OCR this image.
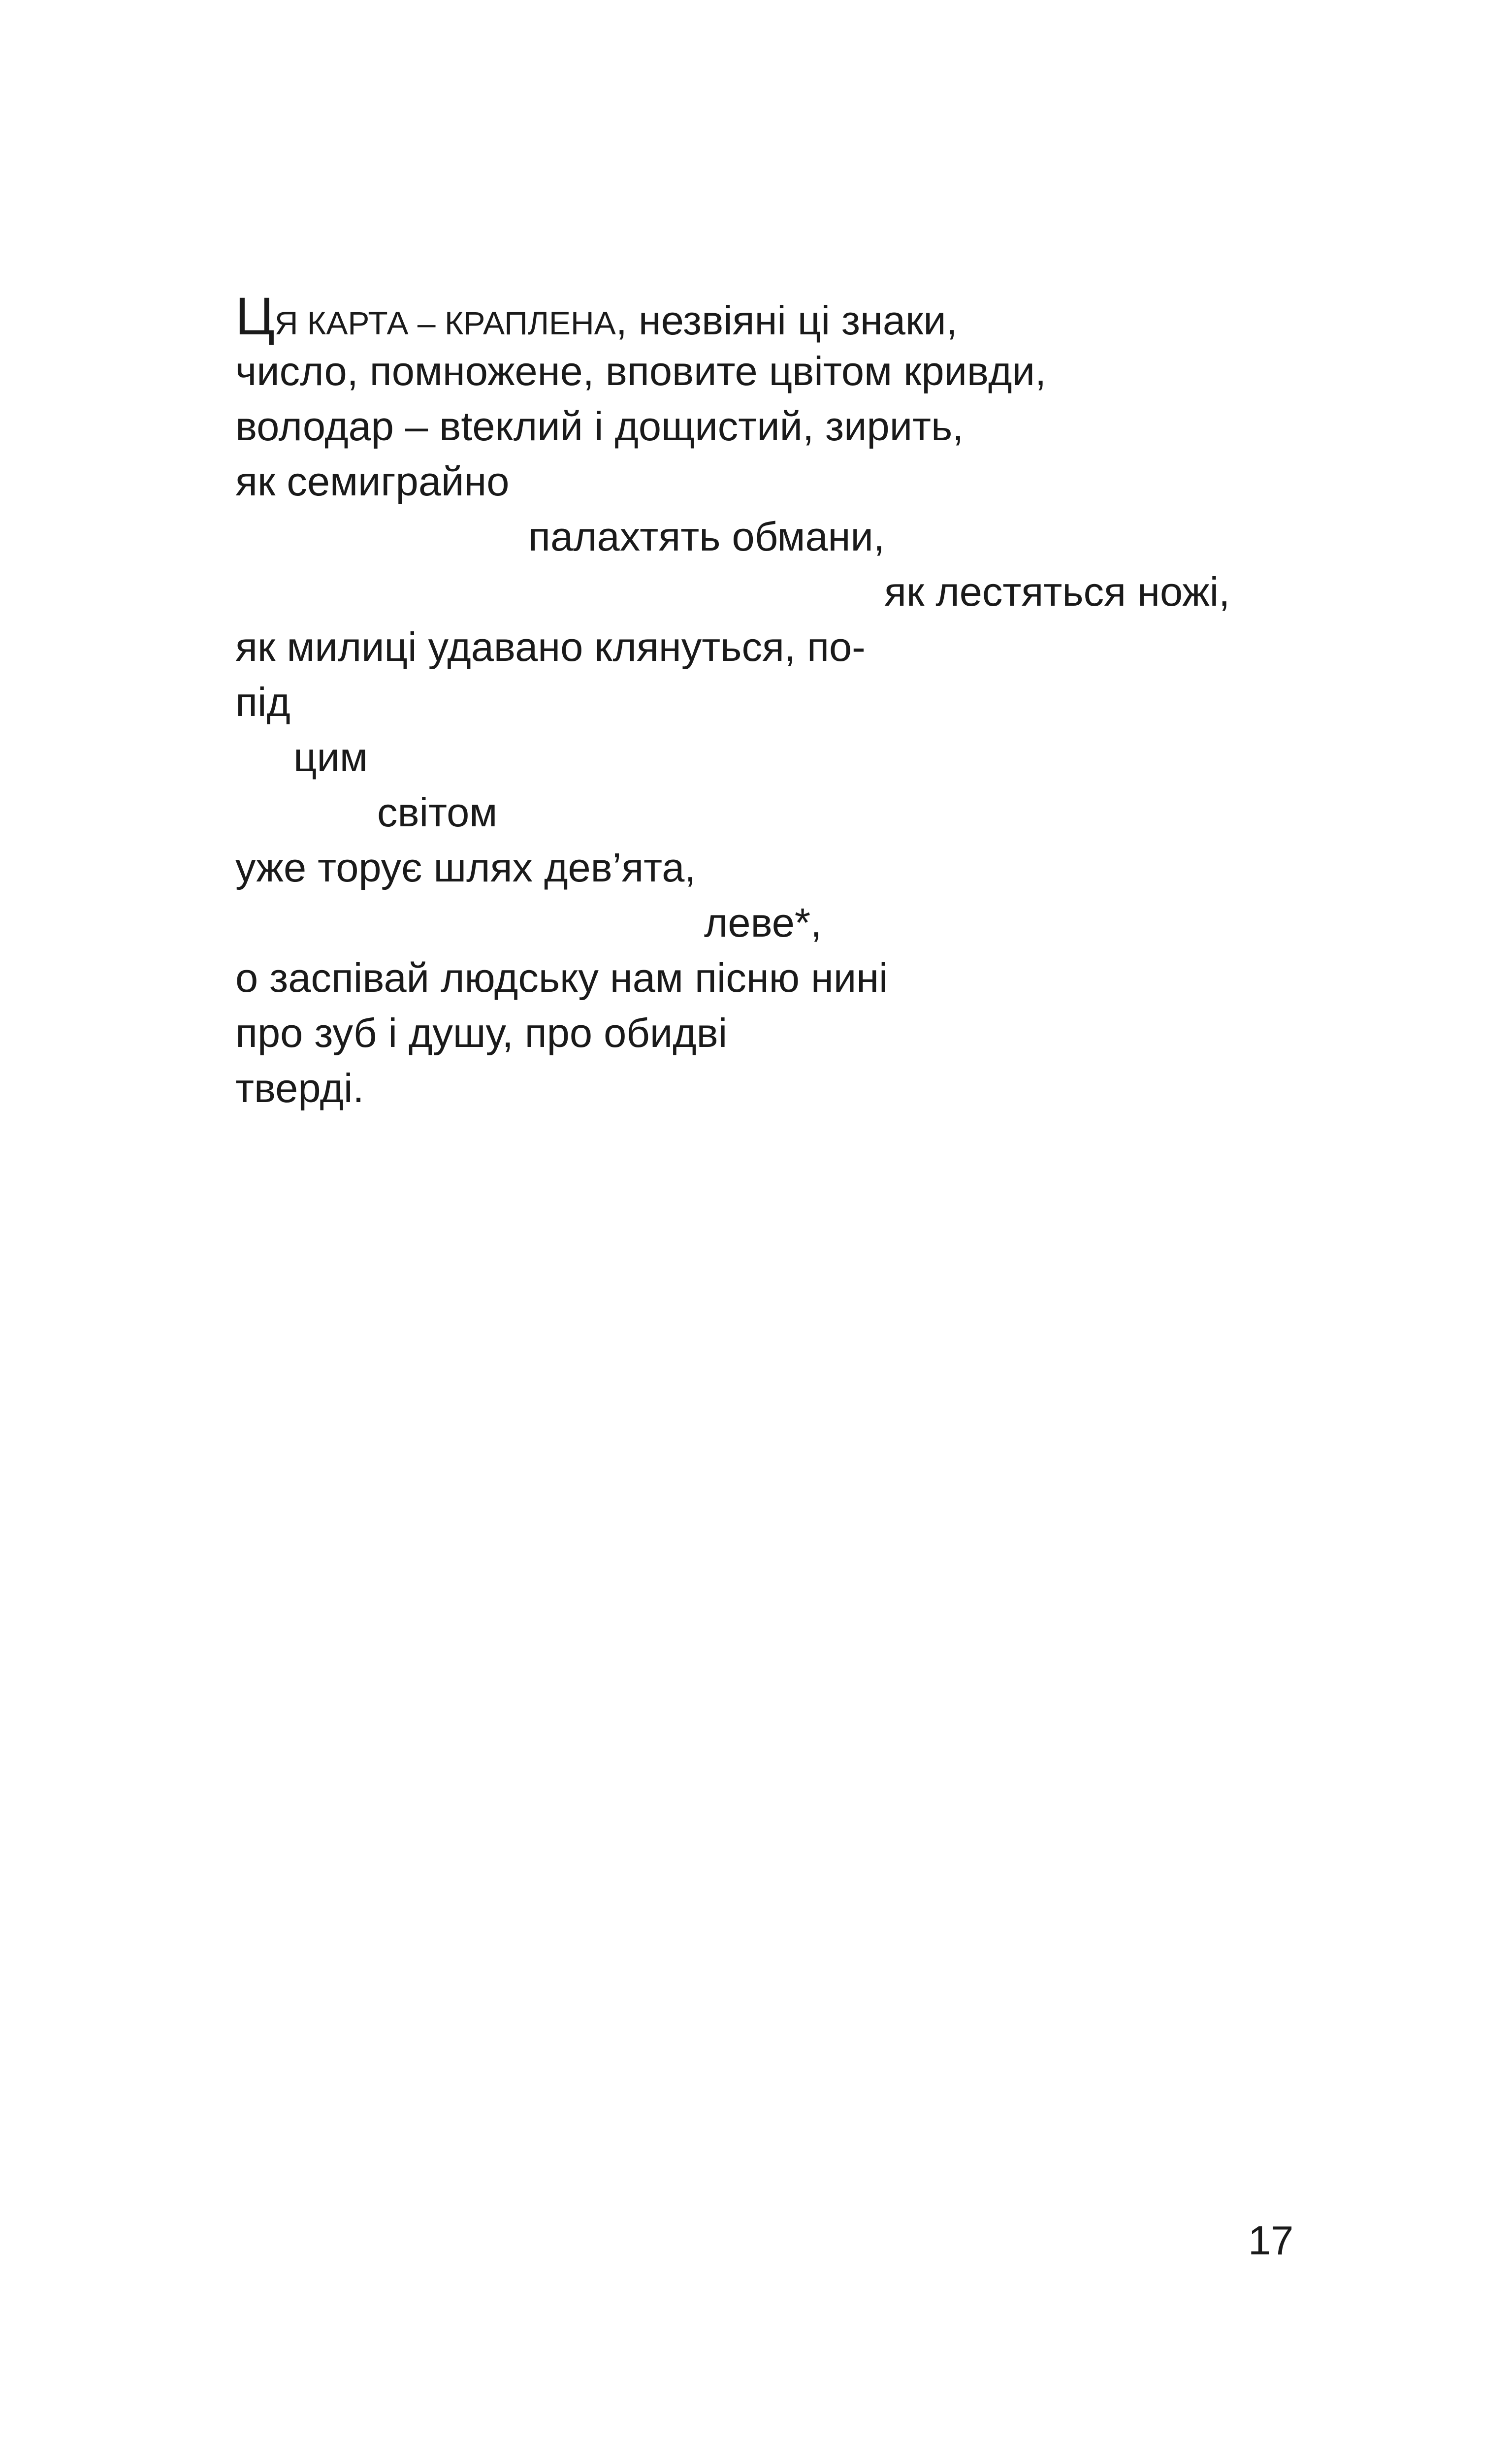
ЦЯ КАРТА – КРАПЛЕНА, незвіяні ці знаки,
число, помножене, вповите цвітом кривди,
володар – вteклий і дощистий, зирить,
як семигрaйно
палахтять обмани,
як лестяться ножі,
як милиці удавано клянуться, по-
під
цим
світом
уже торує шлях дев’ята,
леве*,
о заспівай людську нам пісню нині
про зуб і душу, про обидві
тверді.
17
